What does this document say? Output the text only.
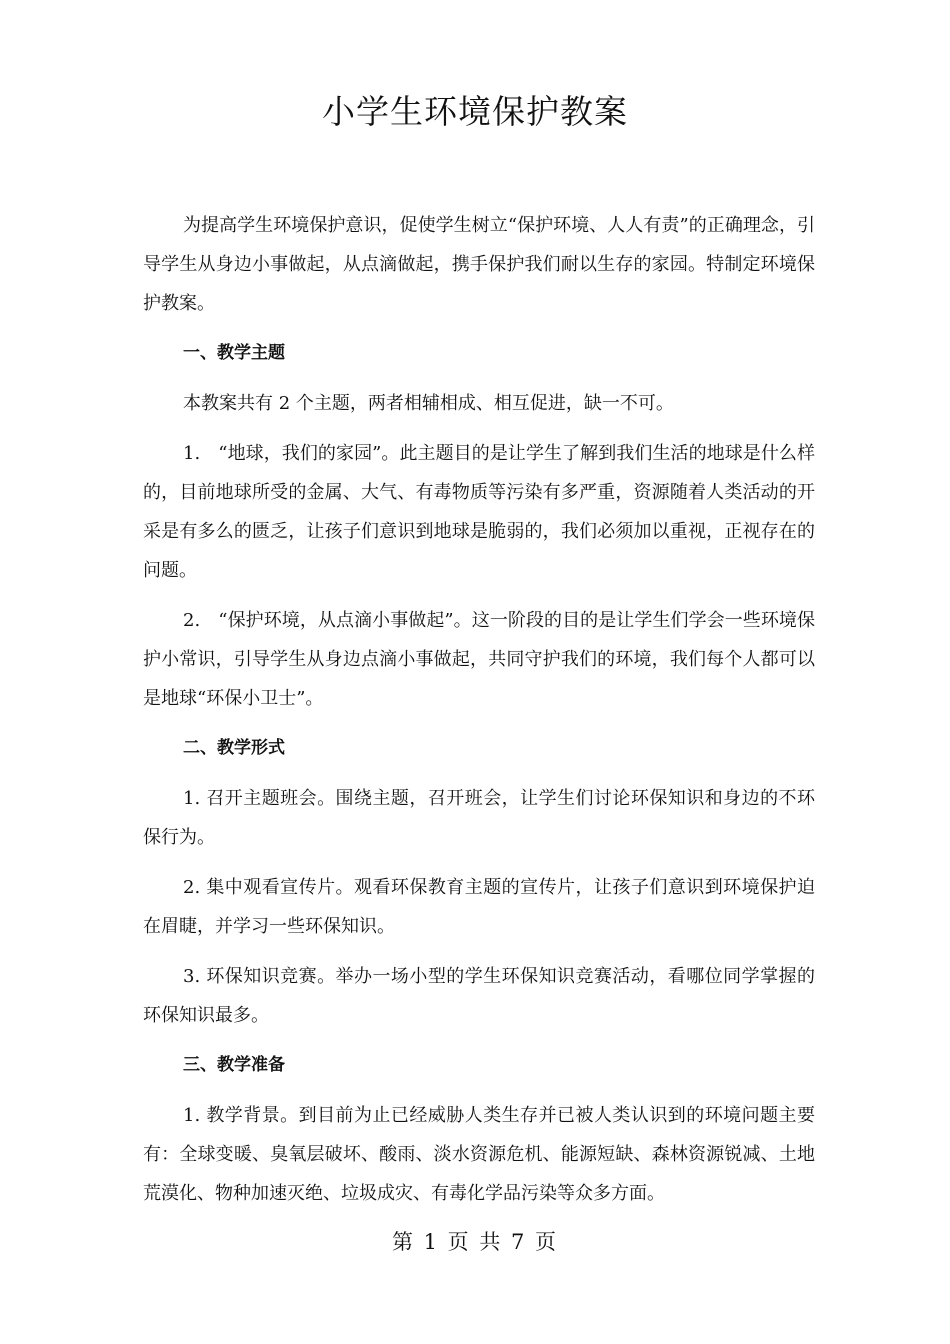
小学生环境保护教案

为提高学生环境保护意识，促使学生树立“保护环境、人人有责”的正确理念，引导学生从身边小事做起，从点滴做起，携手保护我们耐以生存的家园。特制定环境保护教案。

一、教学主题

本教案共有 2 个主题，两者相辅相成、相互促进，缺一不可。

1.　“地球，我们的家园”。此主题目的是让学生了解到我们生活的地球是什么样的，目前地球所受的金属、大气、有毒物质等污染有多严重，资源随着人类活动的开采是有多么的匮乏，让孩子们意识到地球是脆弱的，我们必须加以重视，正视存在的问题。

2.　“保护环境，从点滴小事做起”。这一阶段的目的是让学生们学会一些环境保护小常识，引导学生从身边点滴小事做起，共同守护我们的环境，我们每个人都可以是地球“环保小卫士”。

二、教学形式

1. 召开主题班会。围绕主题，召开班会，让学生们讨论环保知识和身边的不环保行为。

2. 集中观看宣传片。观看环保教育主题的宣传片，让孩子们意识到环境保护迫在眉睫，并学习一些环保知识。

3. 环保知识竞赛。举办一场小型的学生环保知识竞赛活动，看哪位同学掌握的环保知识最多。

三、教学准备

1. 教学背景。到目前为止已经威胁人类生存并已被人类认识到的环境问题主要有：全球变暖、臭氧层破坏、酸雨、淡水资源危机、能源短缺、森林资源锐减、土地荒漠化、物种加速灭绝、垃圾成灾、有毒化学品污染等众多方面。

第 1 页 共 7 页
